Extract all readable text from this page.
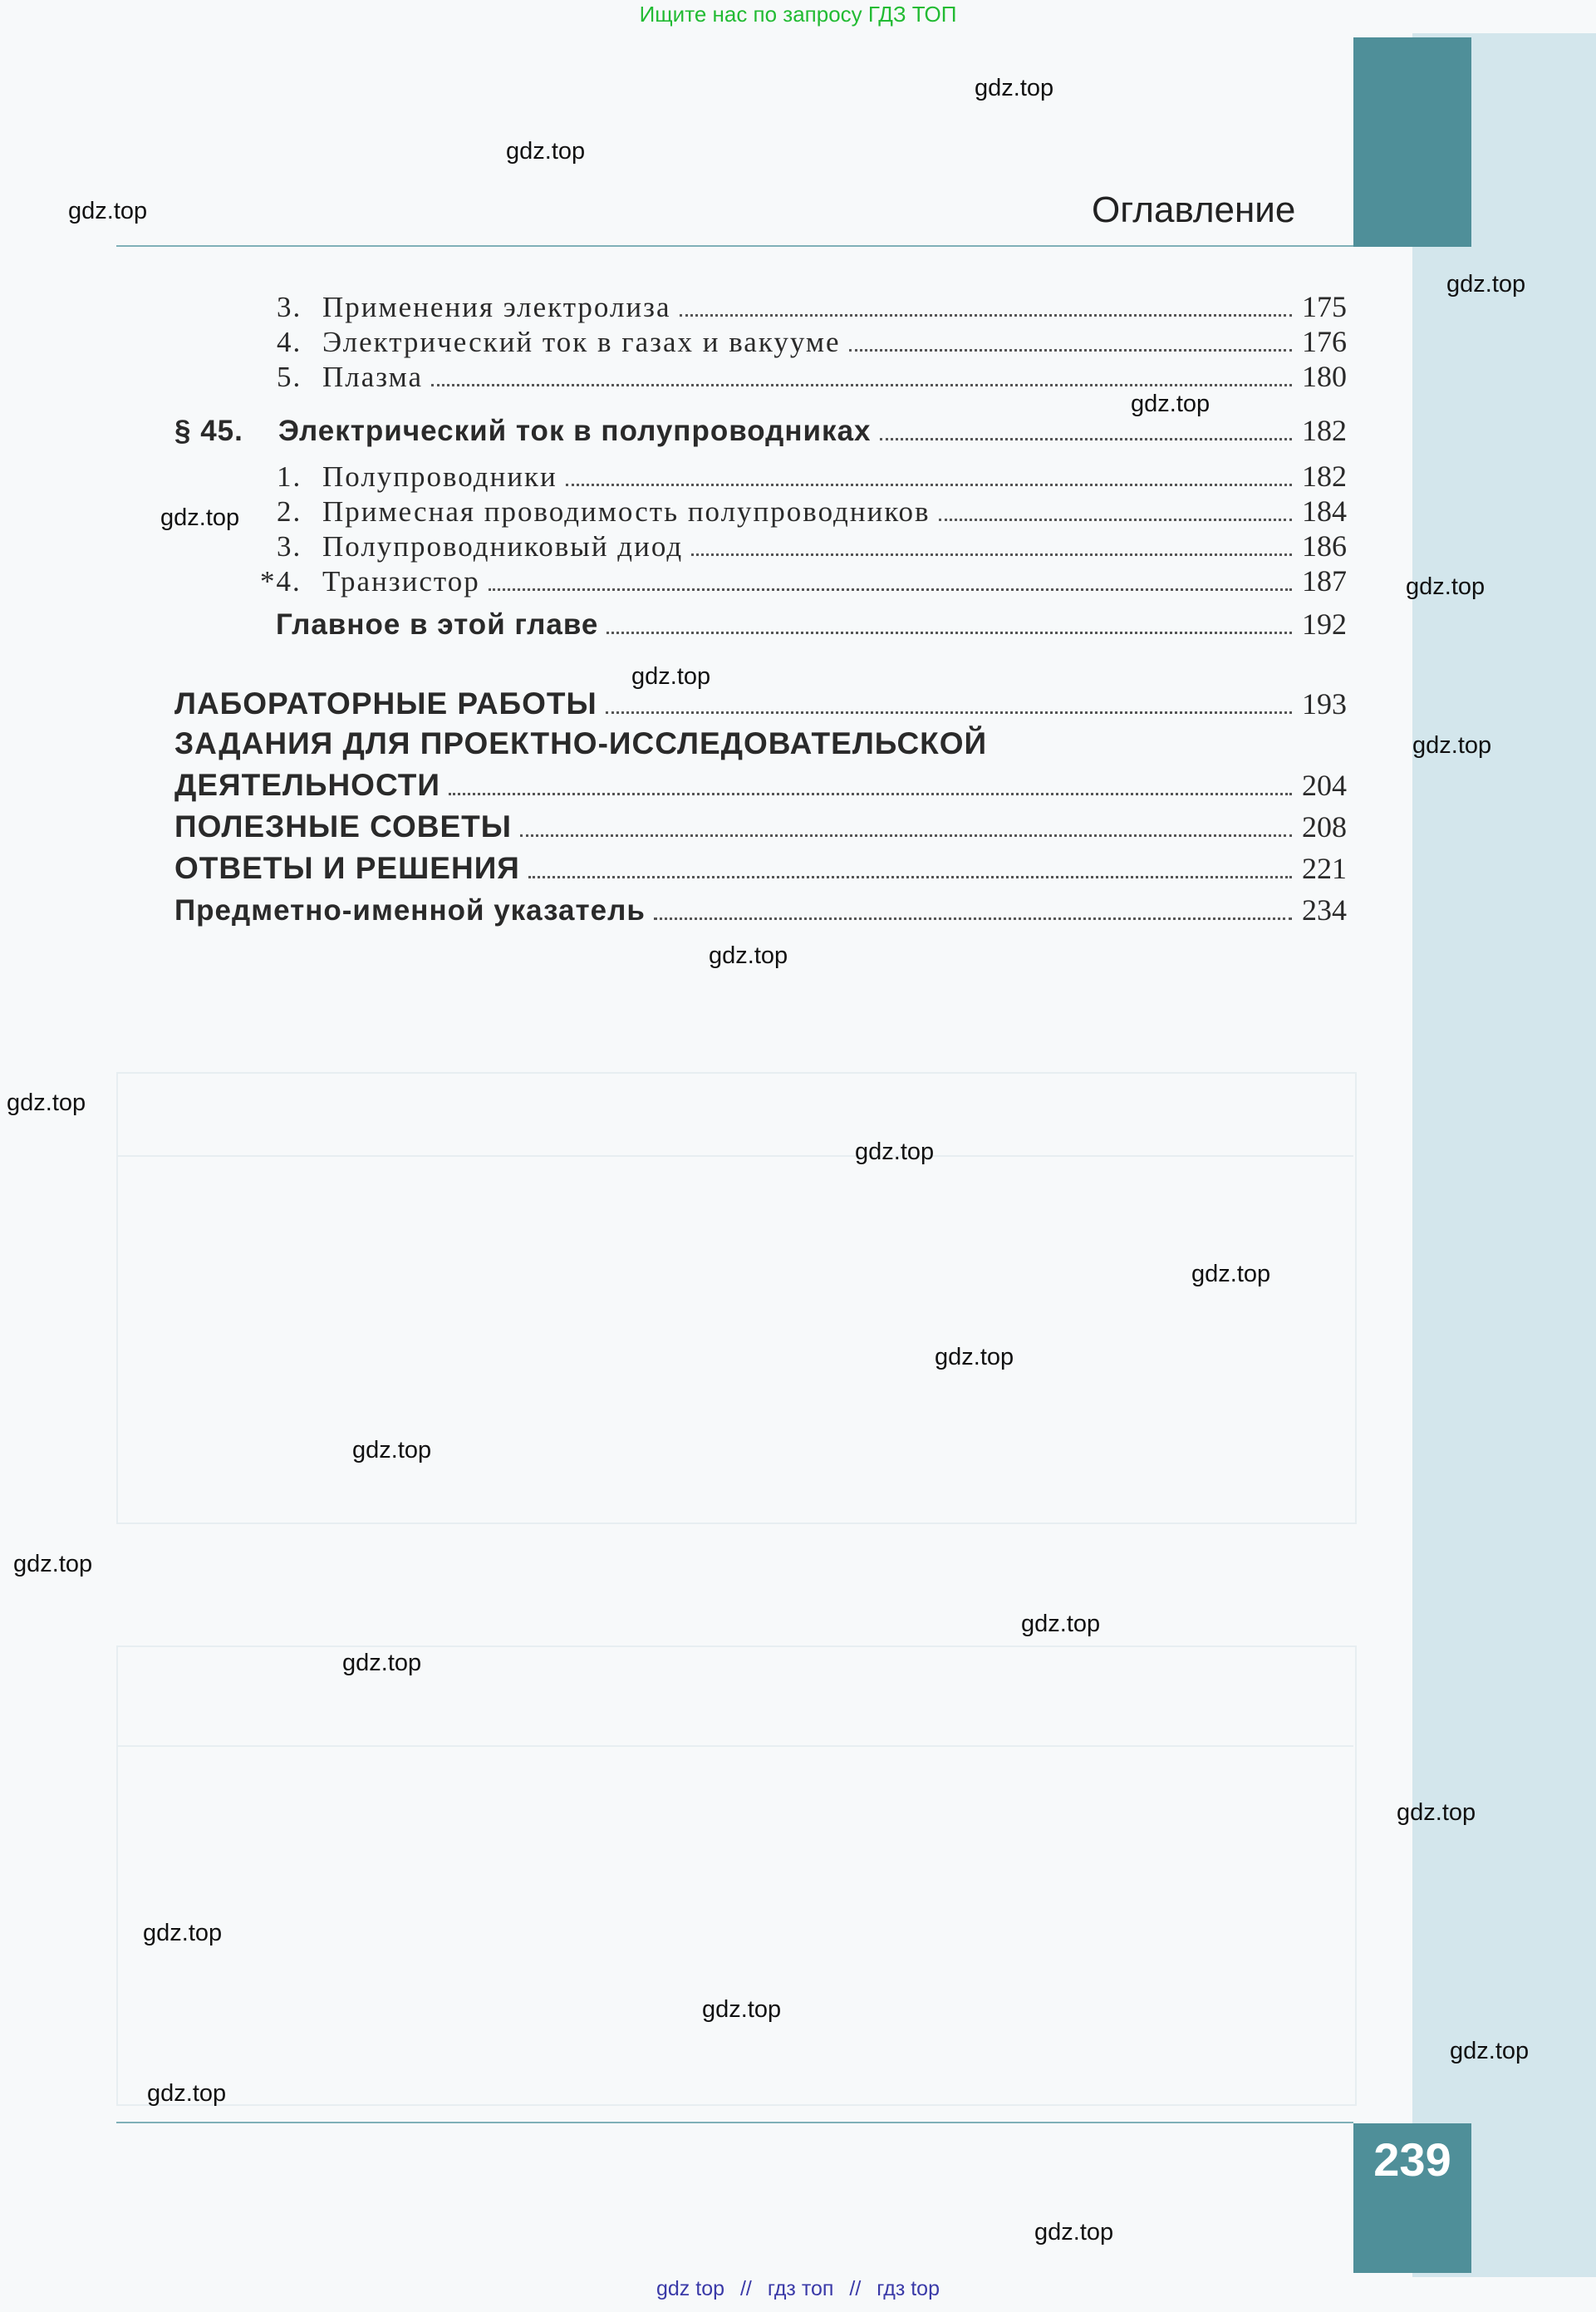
Оглавление
3. Применения электролиза	175
4. Электрический ток в газах и вакууме	176
5. Плазма	180
§ 45.	Электрический ток в полупроводниках	182
1. Полупроводники	182
2. Примесная проводимость полупроводников	184
3. Полупроводниковый диод	186
*4. Транзистор	187
Главное в этой главе	192
ЛАБОРАТОРНЫЕ РАБОТЫ	193
ЗАДАНИЯ ДЛЯ ПРОЕКТНО-ИССЛЕДОВАТЕЛЬСКОЙ
ДЕЯТЕЛЬНОСТИ	204
ПОЛЕЗНЫЕ СОВЕТЫ	208
ОТВЕТЫ И РЕШЕНИЯ	221
Предметно-именной указатель	234
239
Ищите нас по запросу ГДЗ ТОП
gdz top // гдз топ // гдз top
gdz.top
gdz.top
gdz.top
gdz.top
gdz.top
gdz.top
gdz.top
gdz.top
gdz.top
gdz.top
gdz.top
gdz.top
gdz.top
gdz.top
gdz.top
gdz.top
gdz.top
gdz.top
gdz.top
gdz.top
gdz.top
gdz.top
gdz.top
gdz.top
